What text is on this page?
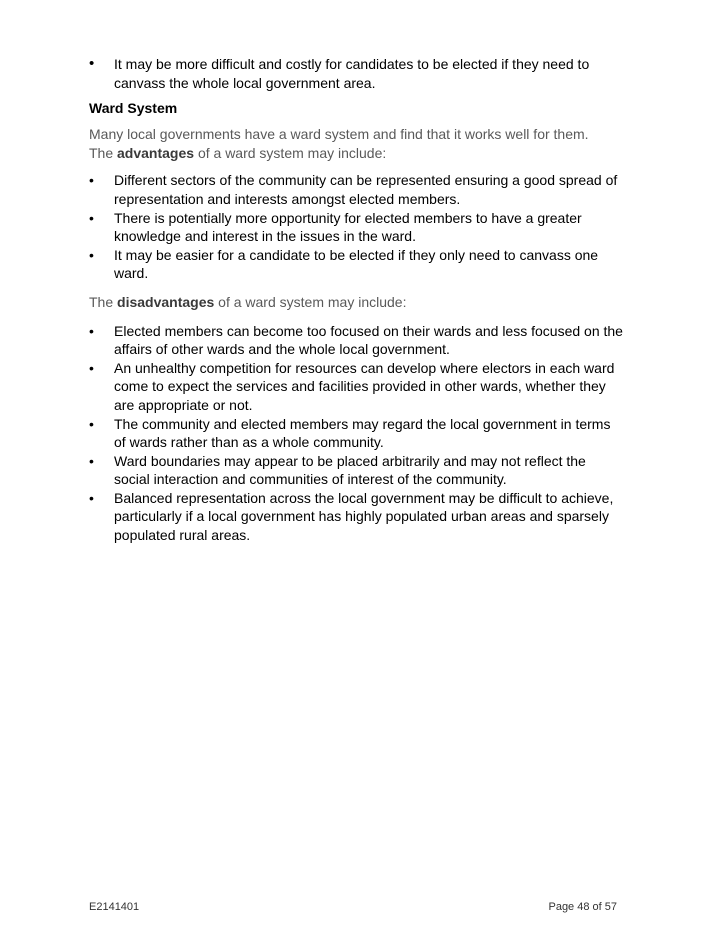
•	It may be more difficult and costly for candidates to be elected if they need to canvass the whole local government area.
Ward System
Many local governments have a ward system and find that it works well for them.
The advantages of a ward system may include:
•	Different sectors of the community can be represented ensuring a good spread of representation and interests amongst elected members.
•	There is potentially more opportunity for elected members to have a greater knowledge and interest in the issues in the ward.
•	It may be easier for a candidate to be elected if they only need to canvass one ward.
The disadvantages of a ward system may include:
•	Elected members can become too focused on their wards and less focused on the affairs of other wards and the whole local government.
•	An unhealthy competition for resources can develop where electors in each ward come to expect the services and facilities provided in other wards, whether they are appropriate or not.
•	The community and elected members may regard the local government in terms of wards rather than as a whole community.
•	Ward boundaries may appear to be placed arbitrarily and may not reflect the social interaction and communities of interest of the community.
•	Balanced representation across the local government may be difficult to achieve, particularly if a local government has highly populated urban areas and sparsely populated rural areas.
E2141401	Page 48 of 57
